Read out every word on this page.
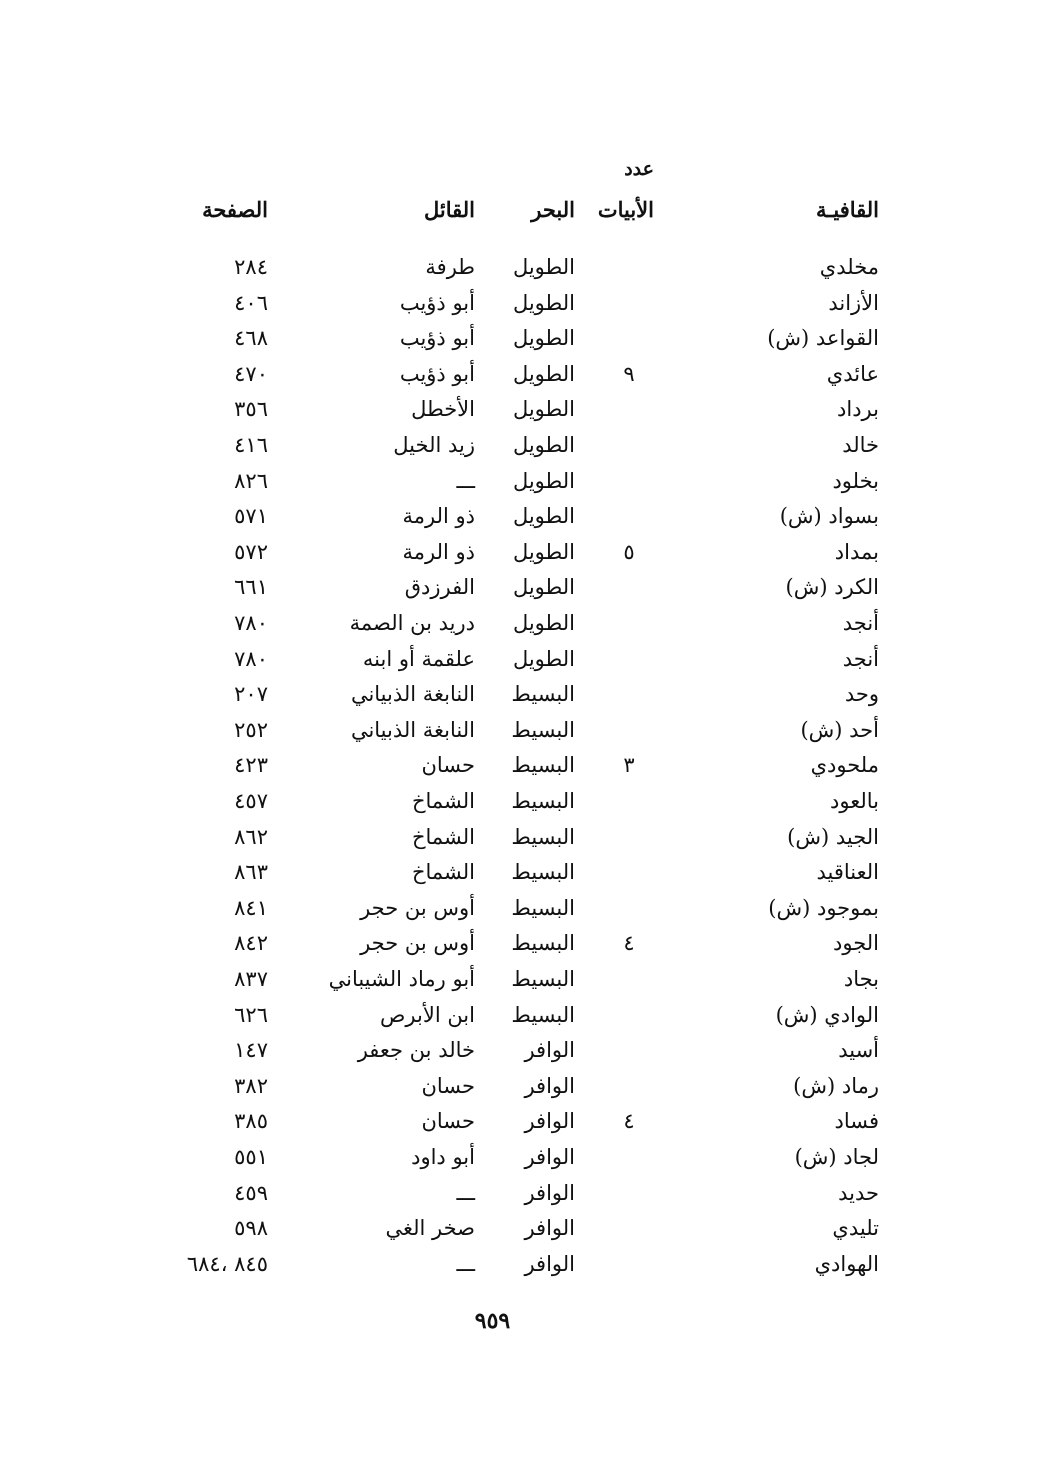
عدد
القافيـة
الأبيات
البحر
القائل
الصفحة
مخلدي
الطويل
طرفة
٢٨٤
الأزاند
الطويل
أبو ذؤيب
٤٠٦
القواعد (ش)
الطويل
أبو ذؤيب
٤٦٨
عائدي
٩
الطويل
أبو ذؤيب
٤٧٠
برداد
الطويل
الأخطل
٣٥٦
خالد
الطويل
زيد الخيل
٤١٦
بخلود
الطويل
ـــ
٨٢٦
بسواد (ش)
الطويل
ذو الرمة
٥٧١
بمداد
٥
الطويل
ذو الرمة
٥٧٢
الكرد (ش)
الطويل
الفرزدق
٦٦١
أنجد
الطويل
دريد بن الصمة
٧٨٠
أنجد
الطويل
علقمة أو ابنه
٧٨٠
وحد
البسيط
النابغة الذبياني
٢٠٧
أحد (ش)
البسيط
النابغة الذبياني
٢٥٢
ملحودي
٣
البسيط
حسان
٤٢٣
بالعود
البسيط
الشماخ
٤٥٧
الجيد (ش)
البسيط
الشماخ
٨٦٢
العناقيد
البسيط
الشماخ
٨٦٣
بموجود (ش)
البسيط
أوس بن حجر
٨٤١
الجود
٤
البسيط
أوس بن حجر
٨٤٢
بجاد
البسيط
أبو رماد الشيباني
٨٣٧
الوادي (ش)
البسيط
ابن الأبرص
٦٢٦
أسيد
الوافر
خالد بن جعفر
١٤٧
رماد (ش)
الوافر
حسان
٣٨٢
فساد
٤
الوافر
حسان
٣٨٥
لجاد (ش)
الوافر
أبو داود
٥٥١
حديد
الوافر
ـــ
٤٥٩
تليدي
الوافر
صخر الغي
٥٩٨
الهوادي
الوافر
ـــ
٨٤٥ ،٦٨٤
٩٥٩
